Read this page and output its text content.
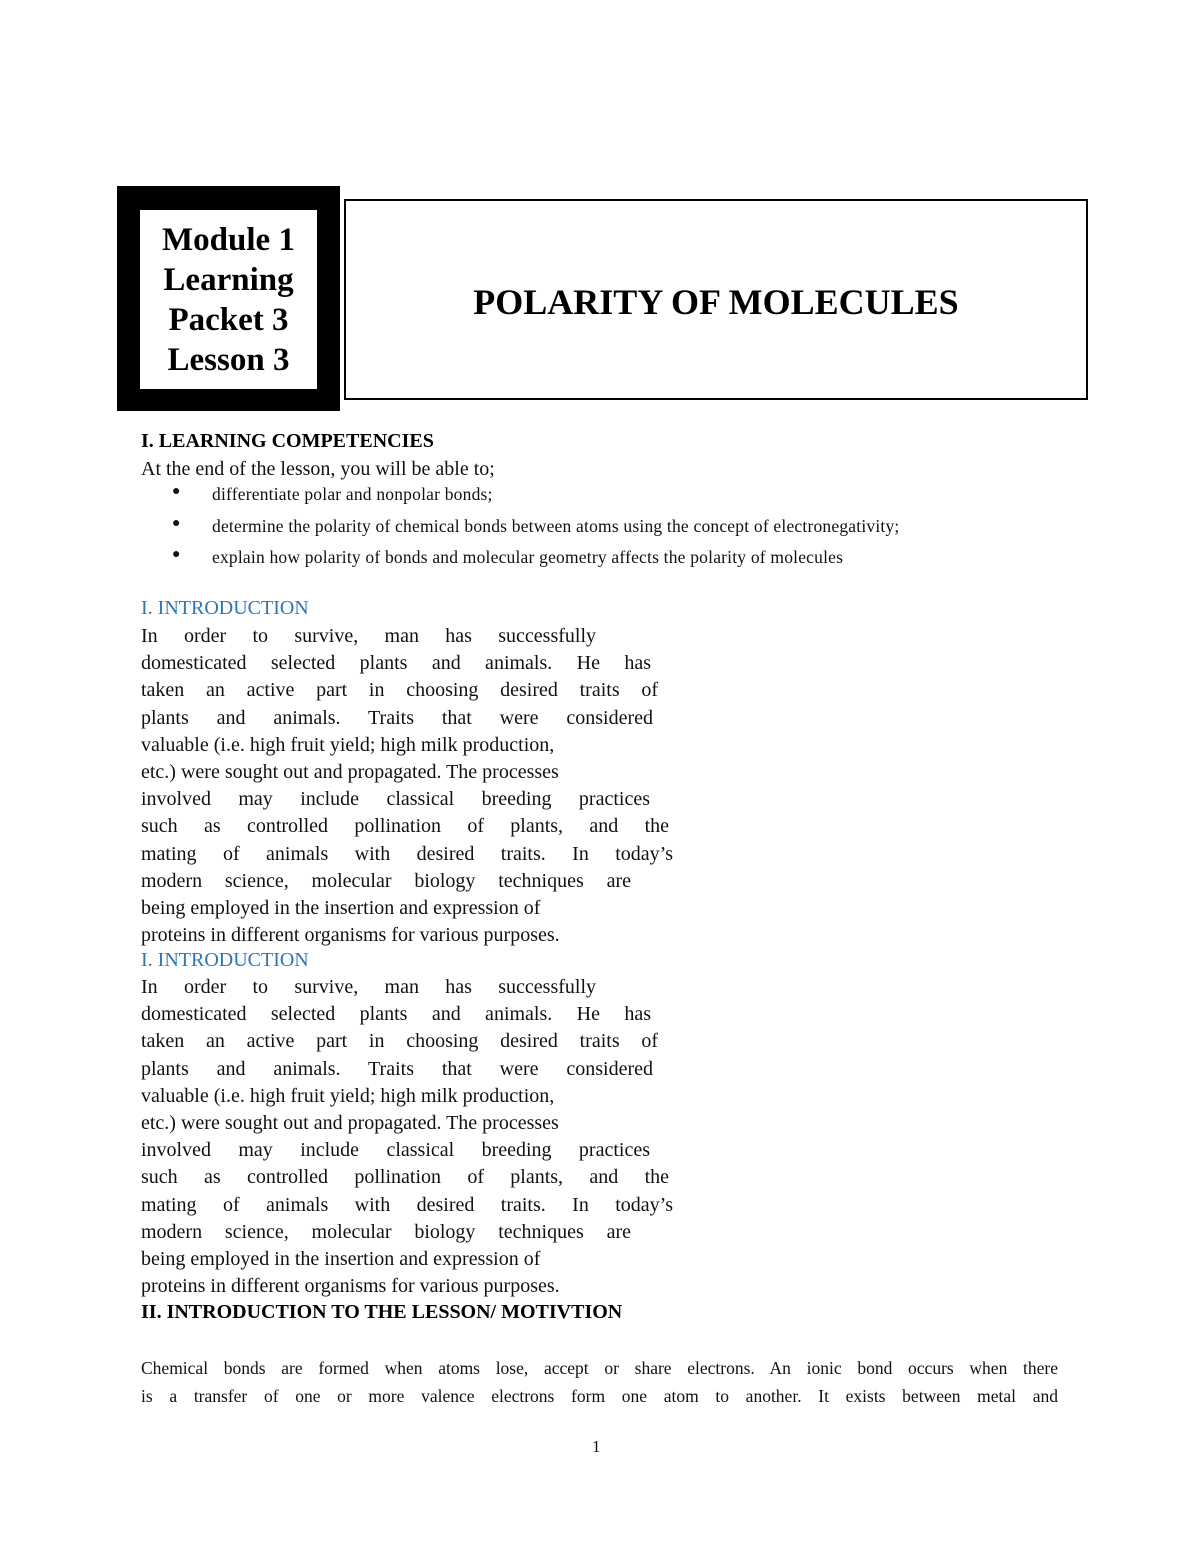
Module 1
Learning
Packet 3
Lesson 3
POLARITY OF MOLECULES
I. LEARNING COMPETENCIES
At the end of the lesson, you will be able to;
● differentiate polar and nonpolar bonds;
● determine the polarity of chemical bonds between atoms using the concept of electronegativity;
● explain how polarity of bonds and molecular geometry affects the polarity of molecules
I. INTRODUCTION
In order to survive, man has successfully
domesticated selected plants and animals. He has
taken an active part in choosing desired traits of
plants and animals. Traits that were considered
valuable (i.e. high fruit yield; high milk production,
etc.) were sought out and propagated. The processes
involved may include classical breeding practices
such as controlled pollination of plants, and the
mating of animals with desired traits. In today’s
modern science, molecular biology techniques are
being employed in the insertion and expression of
proteins in different organisms for various purposes.
I. INTRODUCTION
In order to survive, man has successfully
domesticated selected plants and animals. He has
taken an active part in choosing desired traits of
plants and animals. Traits that were considered
valuable (i.e. high fruit yield; high milk production,
etc.) were sought out and propagated. The processes
involved may include classical breeding practices
such as controlled pollination of plants, and the
mating of animals with desired traits. In today’s
modern science, molecular biology techniques are
being employed in the insertion and expression of
proteins in different organisms for various purposes.
II. INTRODUCTION TO THE LESSON/ MOTIVTION
Chemical bonds are formed when atoms lose, accept or share electrons. An ionic bond occurs when there
is a transfer of one or more valence electrons form one atom to another. It exists between metal and
1
